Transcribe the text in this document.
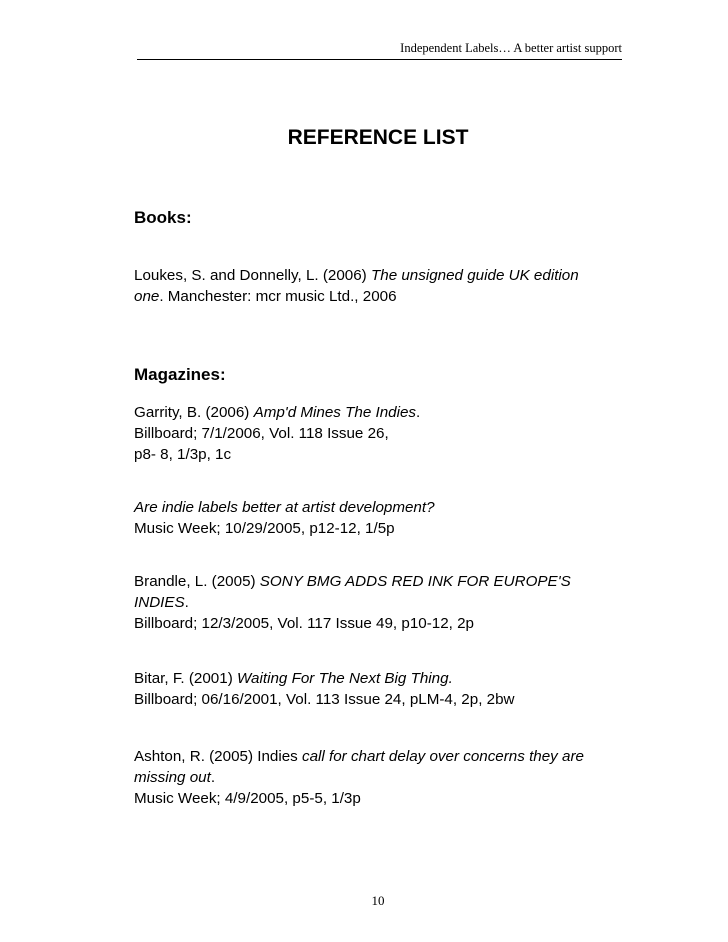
Independent Labels… A better artist support
REFERENCE LIST
Books:

Loukes, S. and Donnelly, L. (2006) The unsigned guide UK edition one. Manchester: mcr music Ltd., 2006

Magazines:

Garrity, B. (2006) Amp'd Mines The Indies.
Billboard; 7/1/2006, Vol. 118 Issue 26,
p8- 8, 1/3p, 1c

Are indie labels better at artist development?
Music Week; 10/29/2005, p12-12, 1/5p

Brandle, L. (2005) SONY BMG ADDS RED INK FOR EUROPE'S INDIES.
Billboard; 12/3/2005, Vol. 117 Issue 49, p10-12, 2p

Bitar, F. (2001) Waiting For The Next Big Thing.
Billboard; 06/16/2001, Vol. 113 Issue 24, pLM-4, 2p, 2bw

Ashton, R. (2005) Indies call for chart delay over concerns they are missing out.
Music Week; 4/9/2005, p5-5, 1/3p

10
